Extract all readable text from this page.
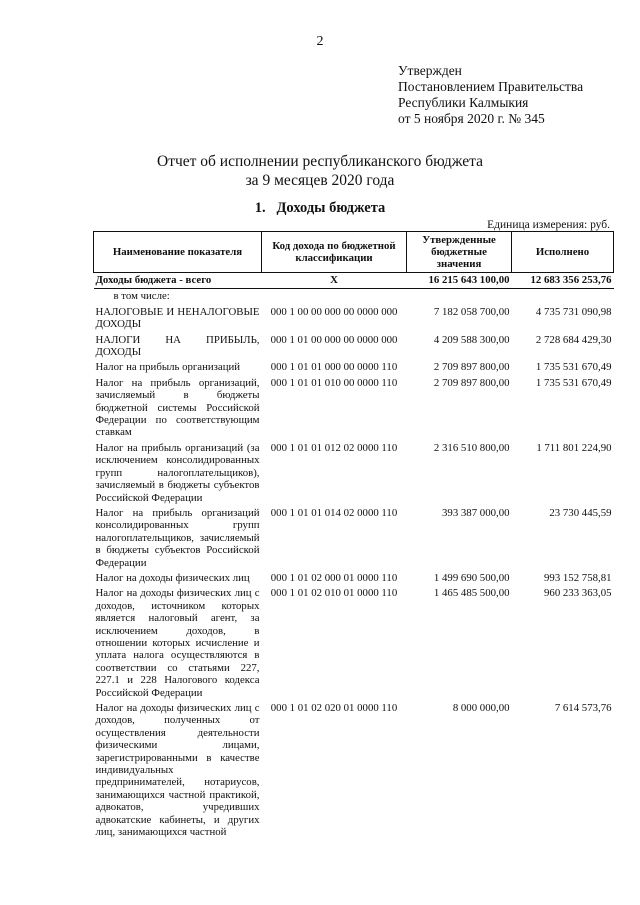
2
Утвержден
Постановлением Правительства
Республики Калмыкия
от 5 ноября 2020 г. № 345
Отчет об исполнении республиканского бюджета
за 9 месяцев 2020 года
1.   Доходы бюджета
Единица измерения: руб.
Наименование показателя	Код дохода по бюджетной классификации	Утвержденные бюджетные значения	Исполнено
Доходы бюджета - всего	X	16 215 643 100,00	12 683 356 253,76
в том числе:			
НАЛОГОВЫЕ И НЕНАЛОГОВЫЕ ДОХОДЫ	000 1 00 00 000 00 0000 000	7 182 058 700,00	4 735 731 090,98
НАЛОГИ НА ПРИБЫЛЬ, ДОХОДЫ	000 1 01 00 000 00 0000 000	4 209 588 300,00	2 728 684 429,30
Налог на прибыль организаций	000 1 01 01 000 00 0000 110	2 709 897 800,00	1 735 531 670,49
Налог на прибыль организаций, зачисляемый в бюджеты бюджетной системы Российской Федерации по соответствующим ставкам	000 1 01 01 010 00 0000 110	2 709 897 800,00	1 735 531 670,49
Налог на прибыль организаций (за исключением консолидированных групп налогоплательщиков), зачисляемый в бюджеты субъектов Российской Федерации	000 1 01 01 012 02 0000 110	2 316 510 800,00	1 711 801 224,90
Налог на прибыль организаций консолидированных групп налогоплательщиков, зачисляемый в бюджеты субъектов Российской Федерации	000 1 01 01 014 02 0000 110	393 387 000,00	23 730 445,59
Налог на доходы физических лиц	000 1 01 02 000 01 0000 110	1 499 690 500,00	993 152 758,81
Налог на доходы физических лиц с доходов, источником которых является налоговый агент, за исключением доходов, в отношении которых исчисление и уплата налога осуществляются в соответствии со статьями 227, 227.1 и 228 Налогового кодекса Российской Федерации	000 1 01 02 010 01 0000 110	1 465 485 500,00	960 233 363,05
Налог на доходы физических лиц с доходов, полученных от осуществления деятельности физическими лицами, зарегистрированными в качестве индивидуальных предпринимателей, нотариусов, занимающихся частной практикой, адвокатов, учредивших адвокатские кабинеты, и других лиц, занимающихся частной	000 1 01 02 020 01 0000 110	8 000 000,00	7 614 573,76
